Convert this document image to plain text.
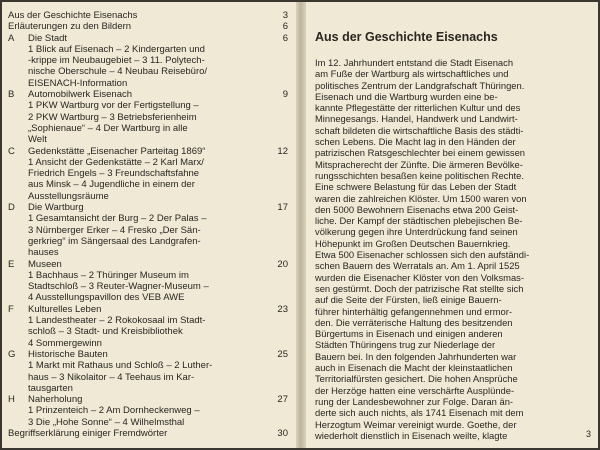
Aus der Geschichte Eisenachs	3
Erläuterungen zu den Bildern	6
A	Die Stadt	6
1 Blick auf Eisenach – 2 Kindergarten und
-krippe im Neubaugebiet – 3 11. Polytech-
nische Oberschule – 4 Neubau Reisebüro/
EISENACH-Information
B	Automobilwerk Eisenach	9
1 PKW Wartburg vor der Fertigstellung –
2 PKW Wartburg – 3 Betriebsferienheim
„Sophienaue“ – 4 Der Wartburg in alle
Welt
C	Gedenkstätte „Eisenacher Parteitag 1869“	12
1 Ansicht der Gedenkstätte – 2 Karl Marx/
Friedrich Engels – 3 Freundschaftsfahne
aus Minsk – 4 Jugendliche in einem der
Ausstellungsräume
D	Die Wartburg	17
1 Gesamtansicht der Burg – 2 Der Palas –
3 Nürnberger Erker – 4 Fresko „Der Sän-
gerkrieg“ im Sängersaal des Landgrafen-
hauses
E	Museen	20
1 Bachhaus – 2 Thüringer Museum im
Stadtschloß – 3 Reuter-Wagner-Museum –
4 Ausstellungspavillon des VEB AWE
F	Kulturelles Leben	23
1 Landestheater – 2 Rokokosaal im Stadt-
schloß – 3 Stadt- und Kreisbibliothek
4 Sommergewinn
G	Historische Bauten	25
1 Markt mit Rathaus und Schloß – 2 Luther-
haus – 3 Nikolaitor – 4 Teehaus im Kar-
tausgarten
H	Naherholung	27
1 Prinzenteich – 2 Am Dornheckenweg –
3 Die „Hohe Sonne“ – 4 Wilhelmsthal
Begriffserklärung einiger Fremdwörter	30
Aus der Geschichte Eisenachs
Im 12. Jahrhundert entstand die Stadt Eisenach
am Fuße der Wartburg als wirtschaftliches und
politisches Zentrum der Landgrafschaft Thüringen.
Eisenach und die Wartburg wurden eine be-
kannte Pflegestätte der ritterlichen Kultur und des
Minnegesangs. Handel, Handwerk und Landwirt-
schaft bildeten die wirtschaftliche Basis des städti-
schen Lebens. Die Macht lag in den Händen der
patrizischen Ratsgeschlechter bei einem gewissen
Mitspracherecht der Zünfte. Die ärmeren Bevölke-
rungsschichten besaßen keine politischen Rechte.
Eine schwere Belastung für das Leben der Stadt
waren die zahlreichen Klöster. Um 1500 waren von
den 5000 Bewohnern Eisenachs etwa 200 Geist-
liche. Der Kampf der städtischen plebejischen Be-
völkerung gegen ihre Unterdrückung fand seinen
Höhepunkt im Großen Deutschen Bauernkrieg.
Etwa 500 Eisenacher schlossen sich den aufständi-
schen Bauern des Werratals an. Am 1. April 1525
wurden die Eisenacher Klöster von den Volksmas-
sen gestürmt. Doch der patrizische Rat stellte sich
auf die Seite der Fürsten, ließ einige Bauern-
führer hinterhältig gefangennehmen und ermor-
den. Die verräterische Haltung des besitzenden
Bürgertums in Eisenach und einigen anderen
Städten Thüringens trug zur Niederlage der
Bauern bei. In den folgenden Jahrhunderten war
auch in Eisenach die Macht der kleinstaatlichen
Territorialfürsten gesichert. Die hohen Ansprüche
der Herzöge hatten eine verschärfte Ausplünde-
rung der Landesbewohner zur Folge. Daran än-
derte sich auch nichts, als 1741 Eisenach mit dem
Herzogtum Weimar vereinigt wurde. Goethe, der
wiederholt dienstlich in Eisenach weilte, klagte	3
